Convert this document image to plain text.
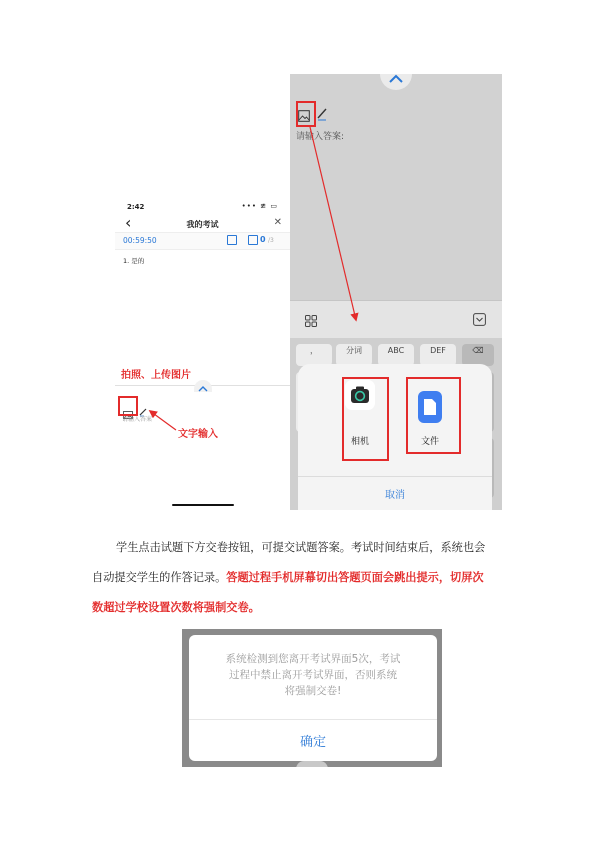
2:42	••• ≇ ▭
‹	我的考试	✕
00:59:50	0 /3
1. 是的
请输入答案
拍照、上传图片
文字输入
请输入答案:
，	分词	ABC	DEF	⌫
相机	文件
取消
学生点击试题下方交卷按钮，可提交试题答案。考试时间结束后，系统也会
自动提交学生的作答记录。答题过程手机屏幕切出答题页面会跳出提示，切屏次
数超过学校设置次数将强制交卷。
系统检测到您离开考试界面5次，考试
过程中禁止离开考试界面，否则系统
将强制交卷!
确定
